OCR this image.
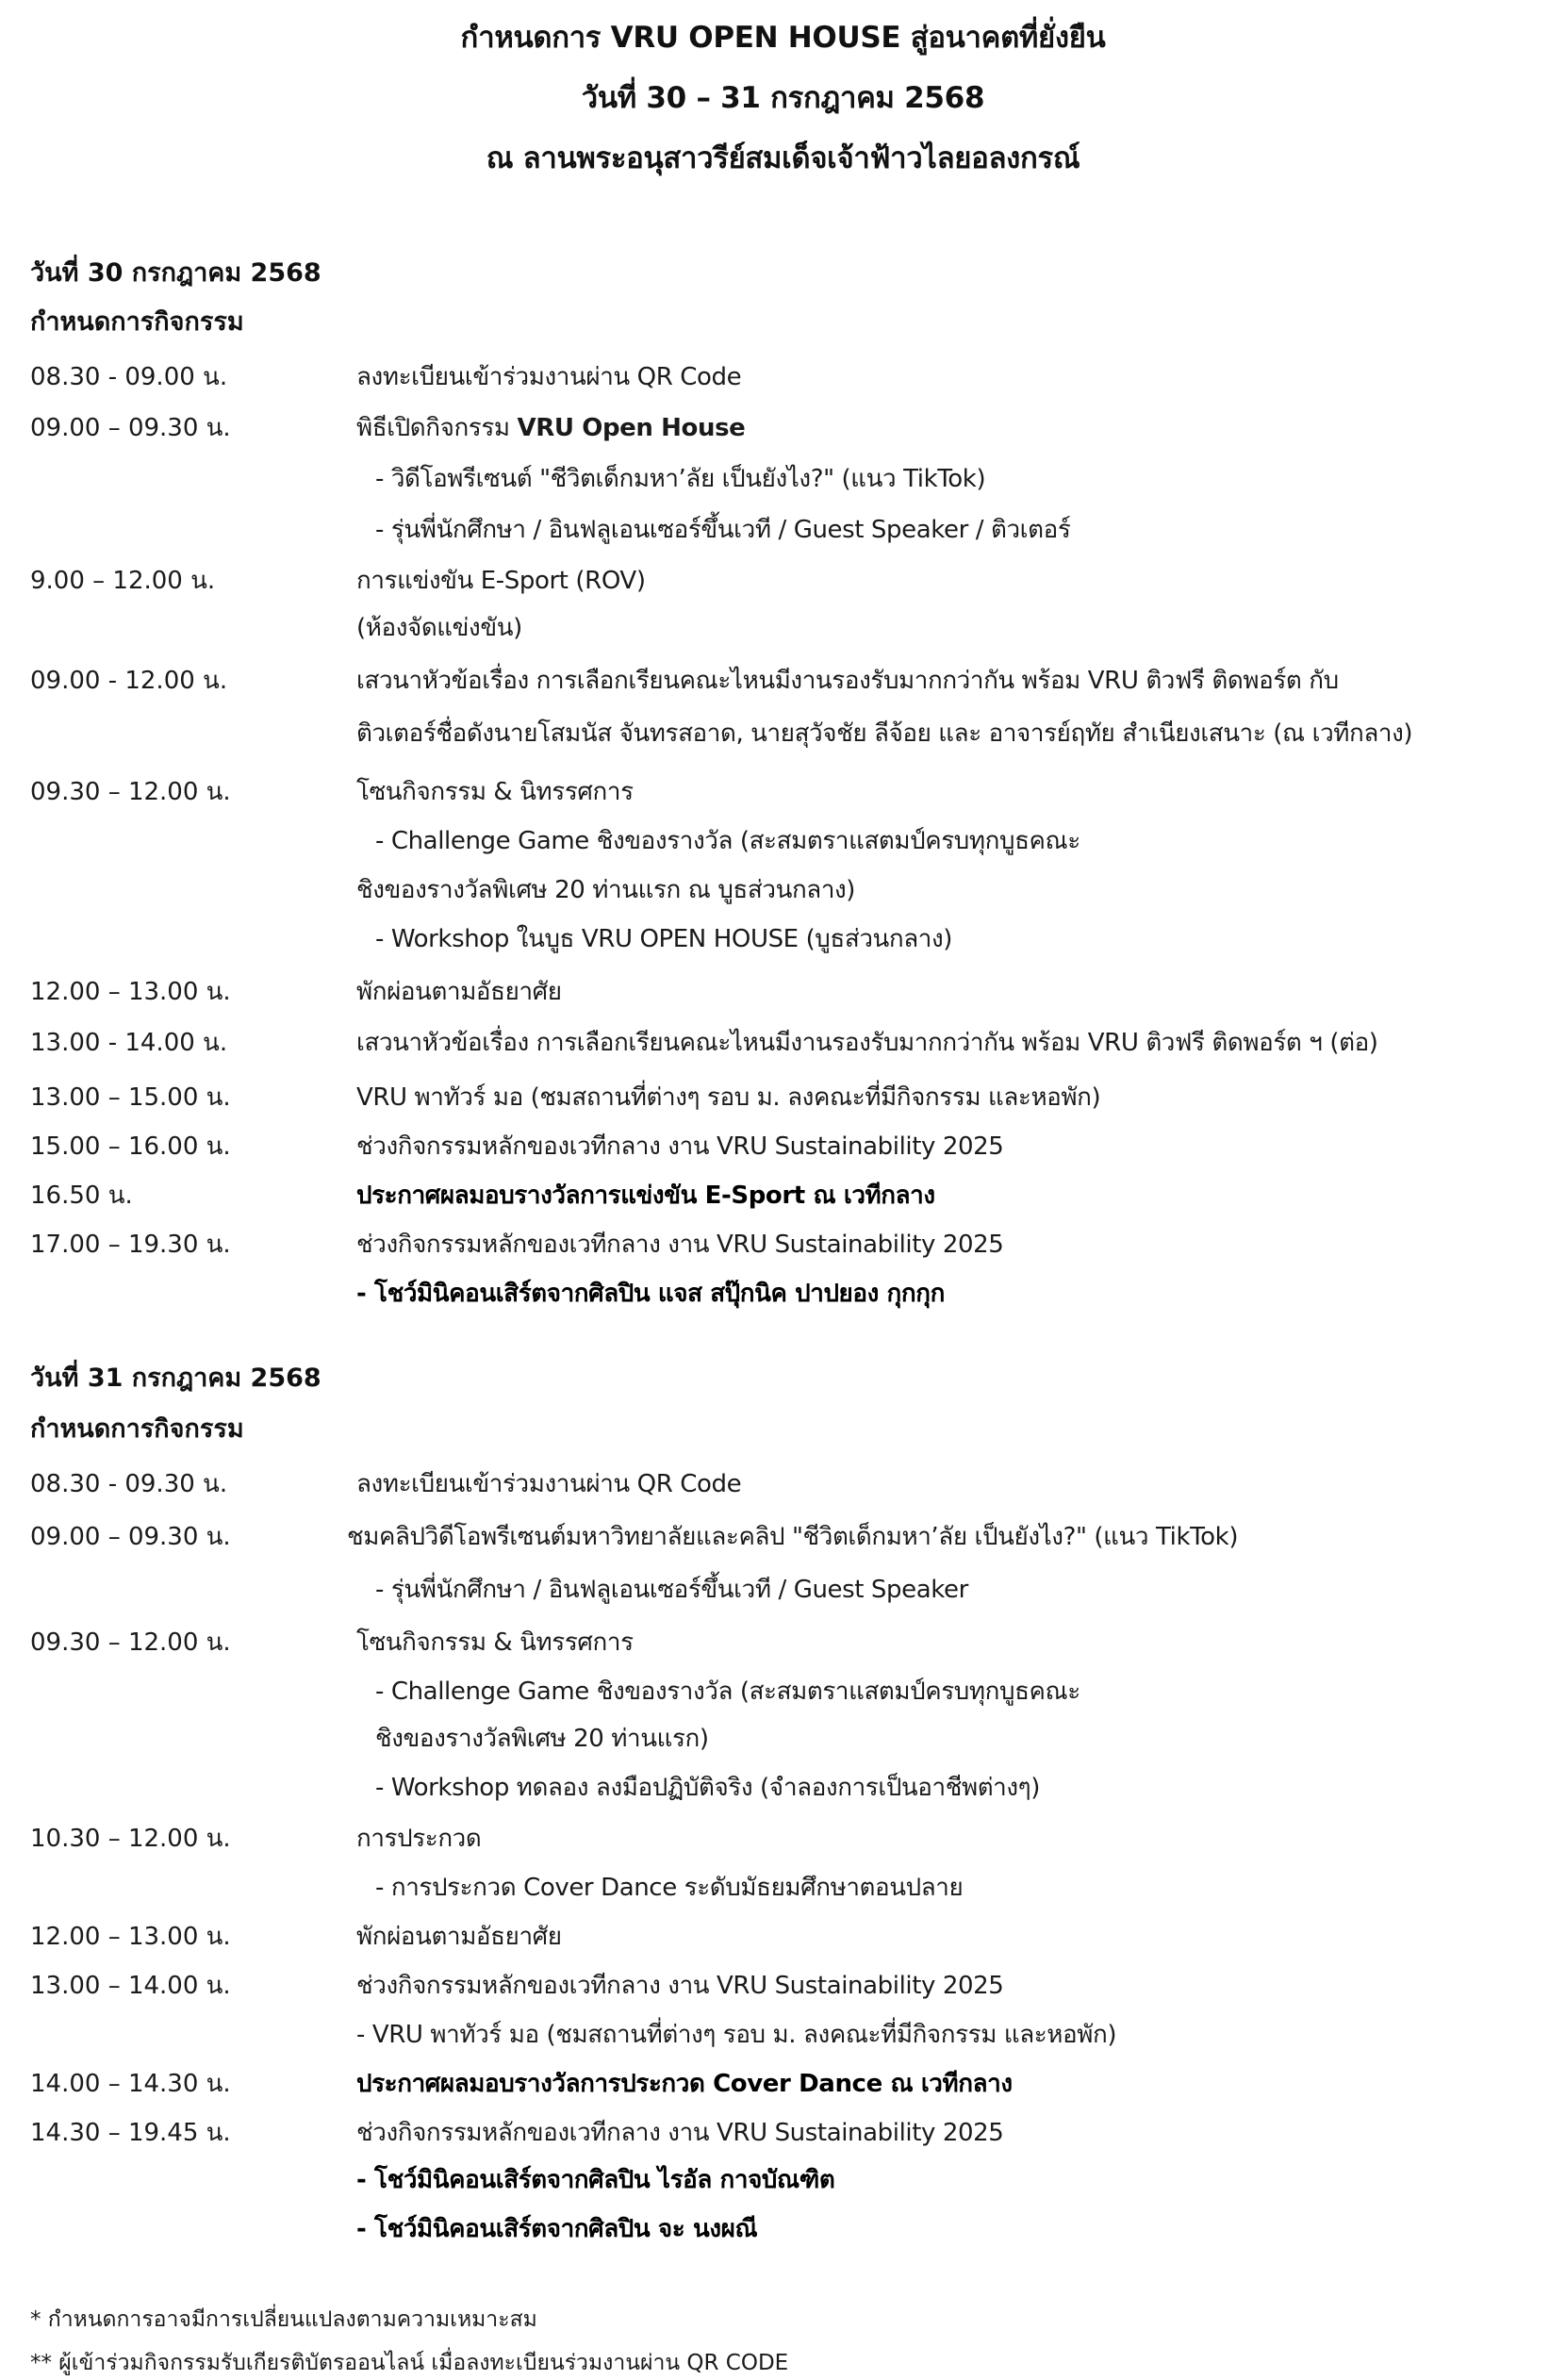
กำหนดการ VRU OPEN HOUSE สู่อนาคตที่ยั่งยืน
วันที่ 30 – 31 กรกฎาคม 2568
ณ ลานพระอนุสาวรีย์สมเด็จเจ้าฟ้าวไลยอลงกรณ์
วันที่ 30 กรกฎาคม 2568
กำหนดการกิจกรรม
08.30 - 09.00 น.	ลงทะเบียนเข้าร่วมงานผ่าน QR Code
09.00 – 09.30 น.	พิธีเปิดกิจกรรม VRU Open House
- วิดีโอพรีเซนต์ "ชีวิตเด็กมหา’ลัย เป็นยังไง?" (แนว TikTok)
- รุ่นพี่นักศึกษา / อินฟลูเอนเซอร์ขึ้นเวที / Guest Speaker / ติวเตอร์
9.00 – 12.00 น.	การแข่งขัน E-Sport (ROV)
(ห้องจัดแข่งขัน)
09.00 - 12.00 น.	เสวนาหัวข้อเรื่อง การเลือกเรียนคณะไหนมีงานรองรับมากกว่ากัน พร้อม VRU ติวฟรี ติดพอร์ต กับ
ติวเตอร์ชื่อดังนายโสมนัส จันทรสอาด, นายสุวัจชัย ลีจ้อย และ อาจารย์ฤทัย สำเนียงเสนาะ (ณ เวทีกลาง)
09.30 – 12.00 น.	โซนกิจกรรม & นิทรรศการ
- Challenge Game ชิงของรางวัล (สะสมตราแสตมป์ครบทุกบูธคณะ
ชิงของรางวัลพิเศษ 20 ท่านแรก ณ บูธส่วนกลาง)
- Workshop ในบูธ VRU OPEN HOUSE (บูธส่วนกลาง)
12.00 – 13.00 น.	พักผ่อนตามอัธยาศัย
13.00 - 14.00 น.	เสวนาหัวข้อเรื่อง การเลือกเรียนคณะไหนมีงานรองรับมากกว่ากัน พร้อม VRU ติวฟรี ติดพอร์ต ฯ (ต่อ)
13.00 – 15.00 น.	VRU พาทัวร์ มอ (ชมสถานที่ต่างๆ รอบ ม. ลงคณะที่มีกิจกรรม และหอพัก)
15.00 – 16.00 น.	ช่วงกิจกรรมหลักของเวทีกลาง งาน VRU Sustainability 2025
16.50 น.	ประกาศผลมอบรางวัลการแข่งขัน E-Sport ณ เวทีกลาง
17.00 – 19.30 น.	ช่วงกิจกรรมหลักของเวทีกลาง งาน VRU Sustainability 2025
- โชว์มินิคอนเสิร์ตจากศิลปิน แจส สปุ๊กนิค ปาปยอง กุกกุก
วันที่ 31 กรกฎาคม 2568
กำหนดการกิจกรรม
08.30 - 09.30 น.	ลงทะเบียนเข้าร่วมงานผ่าน QR Code
09.00 – 09.30 น.	ชมคลิปวิดีโอพรีเซนต์มหาวิทยาลัยและคลิป "ชีวิตเด็กมหา’ลัย เป็นยังไง?" (แนว TikTok)
- รุ่นพี่นักศึกษา / อินฟลูเอนเซอร์ขึ้นเวที / Guest Speaker
09.30 – 12.00 น.	โซนกิจกรรม & นิทรรศการ
- Challenge Game ชิงของรางวัล (สะสมตราแสตมป์ครบทุกบูธคณะ
ชิงของรางวัลพิเศษ 20 ท่านแรก)
- Workshop ทดลอง ลงมือปฏิบัติจริง (จำลองการเป็นอาชีพต่างๆ)
10.30 – 12.00 น.	การประกวด
- การประกวด Cover Dance ระดับมัธยมศึกษาตอนปลาย
12.00 – 13.00 น.	พักผ่อนตามอัธยาศัย
13.00 – 14.00 น.	ช่วงกิจกรรมหลักของเวทีกลาง งาน VRU Sustainability 2025
- VRU พาทัวร์ มอ (ชมสถานที่ต่างๆ รอบ ม. ลงคณะที่มีกิจกรรม และหอพัก)
14.00 – 14.30 น.	ประกาศผลมอบรางวัลการประกวด Cover Dance ณ เวทีกลาง
14.30 – 19.45 น.	ช่วงกิจกรรมหลักของเวทีกลาง งาน VRU Sustainability 2025
- โชว์มินิคอนเสิร์ตจากศิลปิน ไรอัล กาจบัณฑิต
- โชว์มินิคอนเสิร์ตจากศิลปิน จะ นงผณี
* กำหนดการอาจมีการเปลี่ยนแปลงตามความเหมาะสม
** ผู้เข้าร่วมกิจกรรมรับเกียรติบัตรออนไลน์ เมื่อลงทะเบียนร่วมงานผ่าน QR CODE
